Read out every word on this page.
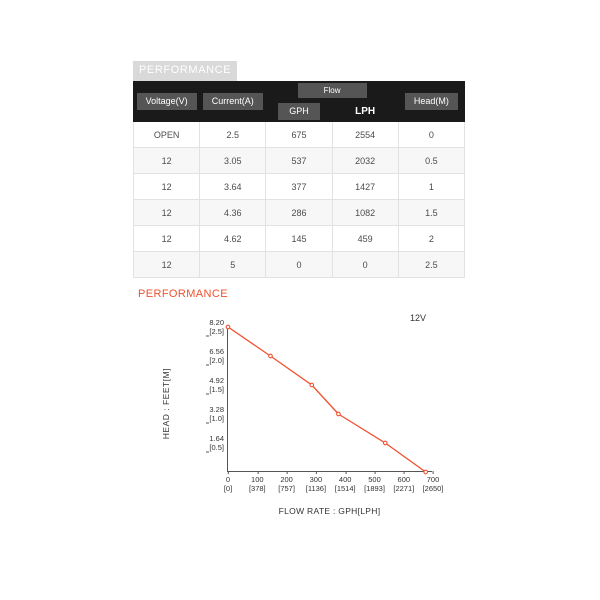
PERFORMANCE
Voltage(V)	Current(A)	Flow		Head(M)
		GPH	LPH	
OPEN	2.5	675	2554	0
12	3.05	537	2032	0.5
12	3.64	377	1427	1
12	4.36	286	1082	1.5
12	4.62	145	459	2
12	5	0	0	2.5
PERFORMANCE
12V
HEAD : FEET[M]
FLOW RATE : GPH[LPH]
8.20
[2.5]
6.56
[2.0]
4.92
[1.5]
3.28
[1.0]
1.64
[0.5]
0
[0]
100
[378]
200
[757]
300
[1136]
400
[1514]
500
[1893]
600
[2271]
700
[2650]
